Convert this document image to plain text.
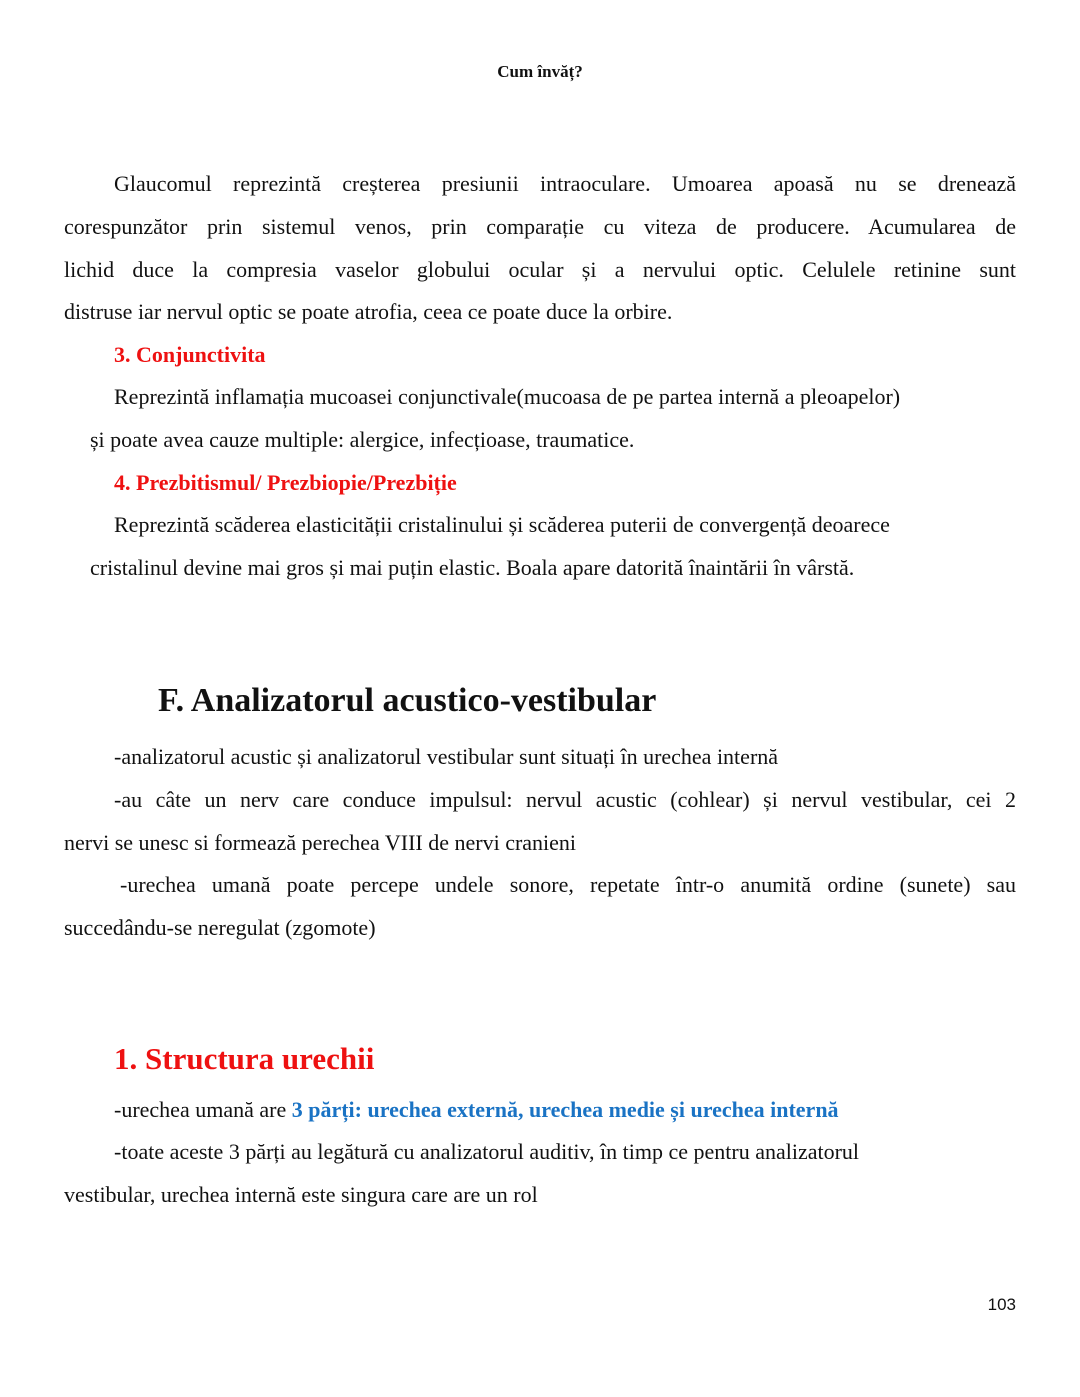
Cum învăț?
Glaucomul reprezintă creșterea presiunii intraoculare. Umoarea apoasă nu se drenează
corespunzător prin sistemul venos, prin comparație cu viteza de producere. Acumularea de
lichid duce la compresia vaselor globului ocular și a nervului optic. Celulele retinine sunt
distruse iar nervul optic se poate atrofia, ceea ce poate duce la orbire.
3. Conjunctivita
Reprezintă inflamația mucoasei conjunctivale(mucoasa de pe partea internă a pleoapelor)
și poate avea cauze multiple: alergice, infecțioase, traumatice.
4. Prezbitismul/ Prezbiopie/Prezbiție
Reprezintă scăderea elasticității cristalinului și scăderea puterii de convergență deoarece
cristalinul devine mai gros și mai puțin elastic. Boala apare datorită înaintării în vârstă.
F. Analizatorul acustico-vestibular
-analizatorul acustic și analizatorul vestibular sunt situați în urechea internă
-au câte un nerv care conduce impulsul: nervul acustic (cohlear) și nervul vestibular, cei 2
nervi se unesc si formează perechea VIII de nervi cranieni
-urechea umană poate percepe undele sonore, repetate într-o anumită ordine (sunete) sau
succedându-se neregulat (zgomote)
1. Structura urechii
-urechea umană are 3 părți: urechea externă, urechea medie și urechea internă
-toate aceste 3 părți au legătură cu analizatorul auditiv, în timp ce pentru analizatorul
vestibular, urechea internă este singura care are un rol
103
